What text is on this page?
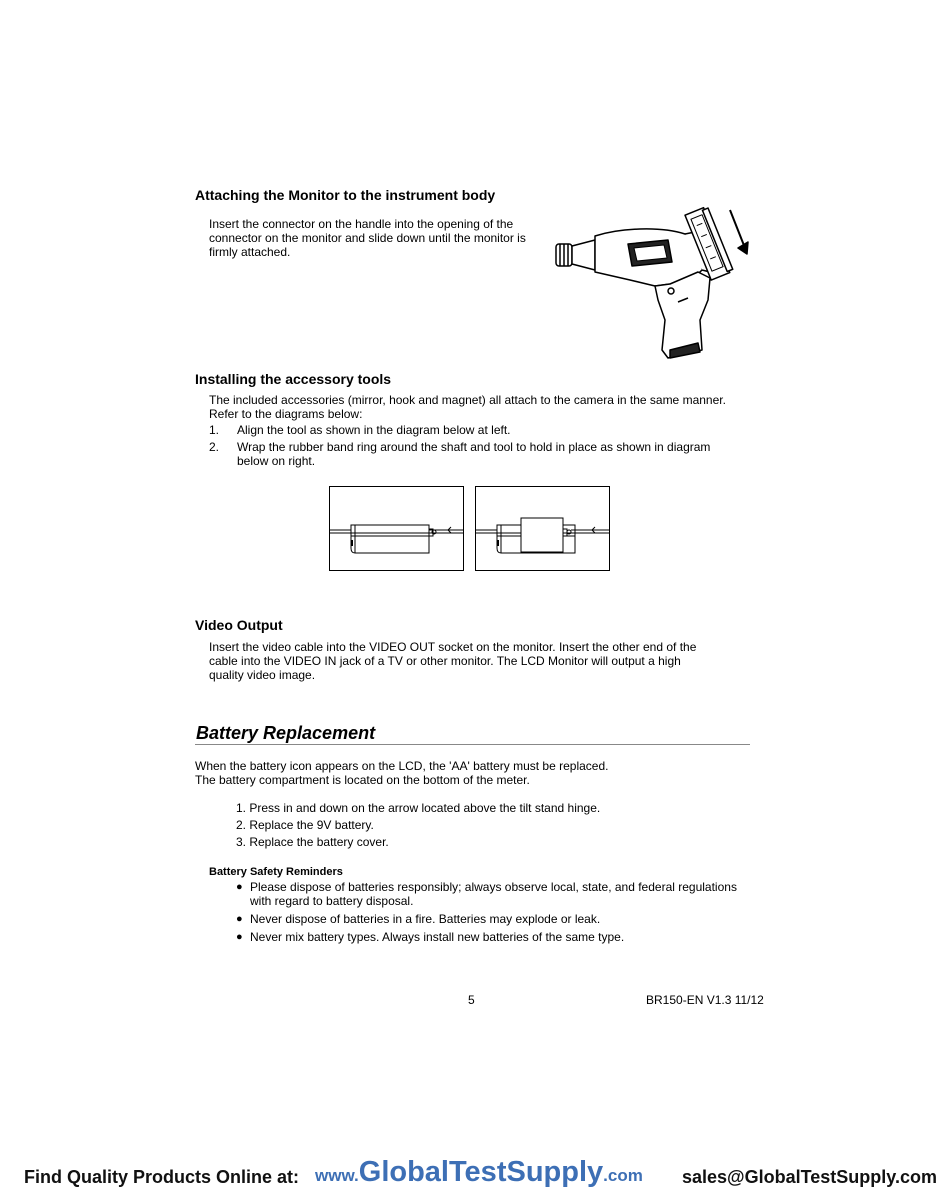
Attaching the Monitor to the instrument body
Insert the connector on the handle into the opening of the
connector on the monitor and slide down until the monitor is
firmly attached.
Installing the accessory tools
The included accessories (mirror, hook and magnet) all attach to the camera in the same manner.
Refer to the diagrams below:
1. Align the tool as shown in the diagram below at left.
2. Wrap the rubber band ring around the shaft and tool to hold in place as shown in diagram
below on right.
Video Output
Insert the video cable into the VIDEO OUT socket on the monitor. Insert the other end of the
cable into the VIDEO IN jack of a TV or other monitor. The LCD Monitor will output a high
quality video image.
Battery Replacement
When the battery icon appears on the LCD, the 'AA' battery must be replaced.
The battery compartment is located on the bottom of the meter.
1. Press in and down on the arrow located above the tilt stand hinge.
2. Replace the 9V battery.
3. Replace the battery cover.
Battery Safety Reminders
● Please dispose of batteries responsibly; always observe local, state, and federal regulations
with regard to battery disposal.
● Never dispose of batteries in a fire. Batteries may explode or leak.
● Never mix battery types. Always install new batteries of the same type.
5	BR150-EN V1.3 11/12
Find Quality Products Online at: www.GlobalTestSupply.com sales@GlobalTestSupply.com
